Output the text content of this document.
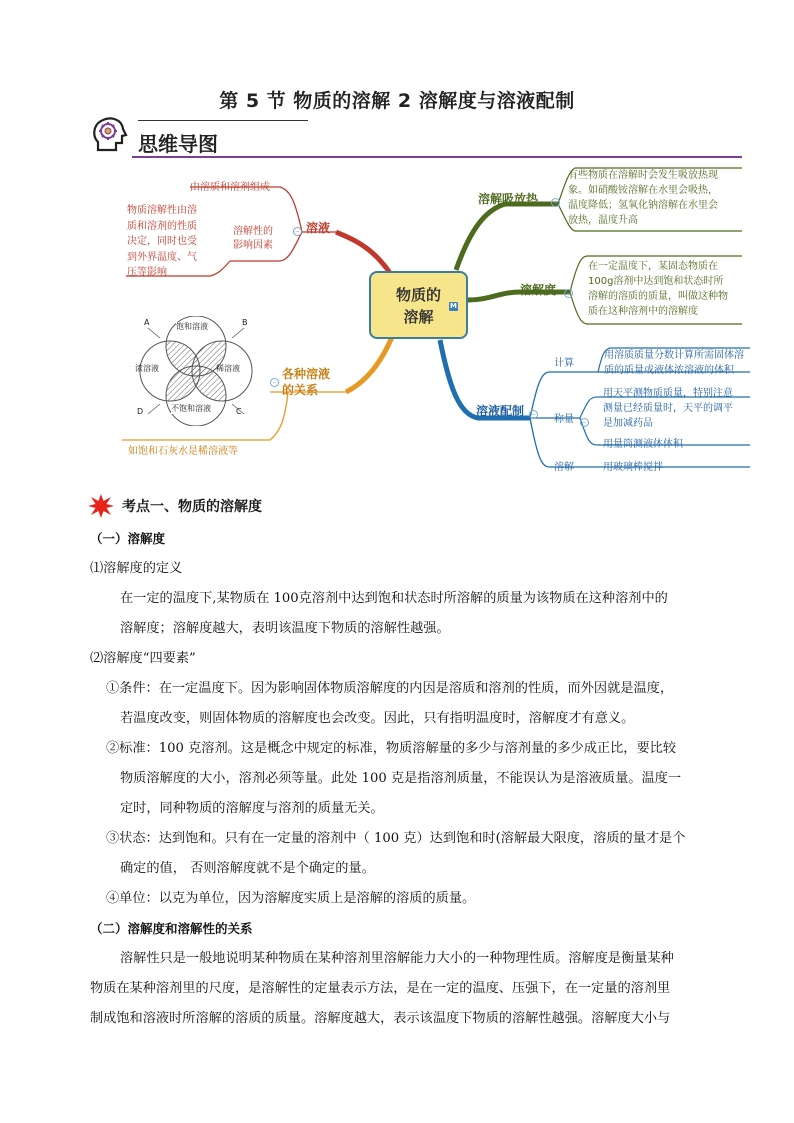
第 5 节 物质的溶解 2 溶解度与溶液配制
思维导图
物质的
溶解
M
由溶质和溶剂组成
溶解性的
影响因素
物质溶解性由溶
质和溶剂的性质
决定，同时也受
到外界温度、气
压等影响
溶液
−
各种溶液
的关系
−
如饱和石灰水是稀溶液等
饱和溶液
浓溶液	稀溶液
不饱和溶液
A	B
C
D
溶解吸放热	−
有些物质在溶解时会发生吸放热现
象。如硝酸铵溶解在水里会吸热，
温度降低；氢氧化钠溶解在水里会
放热，温度升高
溶解度	−
在一定温度下，某固态物质在
100g溶剂中达到饱和状态时所
溶解的溶质的质量，叫做这种物
质在这种溶剂中的溶解度
溶液配制	−
计算
用溶质质量分数计算所需固体溶
质的质量或液体浓溶液的体积
称量	−
用天平测物质质量，特别注意
测量已经质量时，天平的调平
是加减药品
用量筒测液体体积
溶解	用玻璃棒搅拌
考点一、物质的溶解度

（一）溶解度

⑴溶解度的定义

在一定的温度下,某物质在 100克溶剂中达到饱和状态时所溶解的质量为该物质在这种溶剂中的

溶解度；溶解度越大，表明该温度下物质的溶解性越强。

⑵溶解度“四要素”

①条件：在一定温度下。因为影响固体物质溶解度的内因是溶质和溶剂的性质，而外因就是温度，

若温度改变，则固体物质的溶解度也会改变。因此，只有指明温度时，溶解度才有意义。

②标准：100 克溶剂。这是概念中规定的标准，物质溶解量的多少与溶剂量的多少成正比，要比较

物质溶解度的大小，溶剂必须等量。此处 100 克是指溶剂质量，不能误认为是溶液质量。温度一

定时，同种物质的溶解度与溶剂的质量无关。

③状态：达到饱和。只有在一定量的溶剂中（ 100 克）达到饱和时(溶解最大限度，溶质的量才是个

确定的值， 否则溶解度就不是个确定的量。

④单位：以克为单位，因为溶解度实质上是溶解的溶质的质量。

（二）溶解度和溶解性的关系

溶解性只是一般地说明某种物质在某种溶剂里溶解能力大小的一种物理性质。溶解度是衡量某种

物质在某种溶剂里的尺度，是溶解性的定量表示方法，是在一定的温度、压强下，在一定量的溶剂里

制成饱和溶液时所溶解的溶质的质量。溶解度越大，表示该温度下物质的溶解性越强。溶解度大小与
